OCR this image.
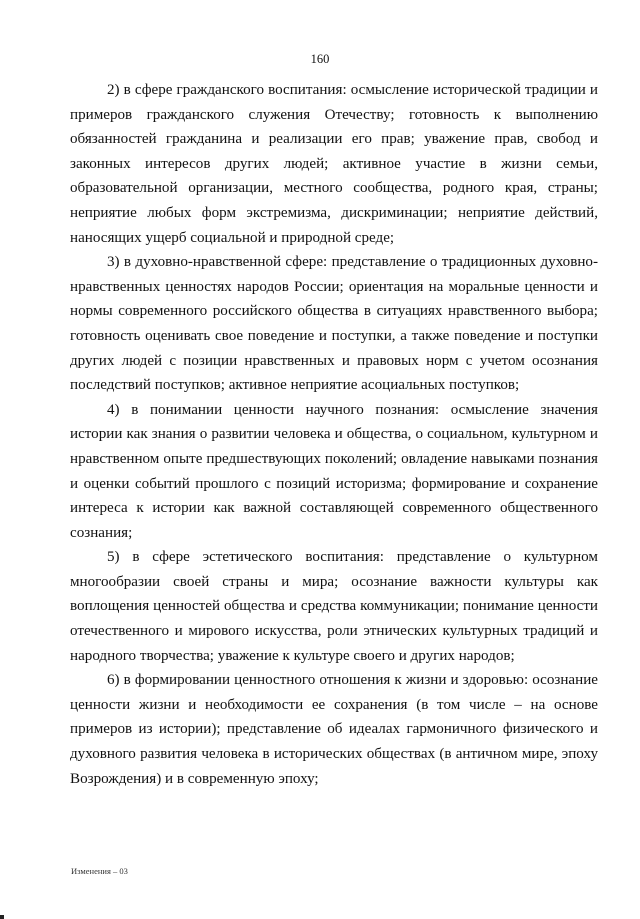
160

2) в сфере гражданского воспитания: осмысление исторической традиции и примеров гражданского служения Отечеству; готовность к выполнению обязанностей гражданина и реализации его прав; уважение прав, свобод и законных интересов других людей; активное участие в жизни семьи, образовательной организации, местного сообщества, родного края, страны; неприятие любых форм экстремизма, дискриминации; неприятие действий, наносящих ущерб социальной и природной среде;

3) в духовно-нравственной сфере: представление о традиционных духовно-нравственных ценностях народов России; ориентация на моральные ценности и нормы современного российского общества в ситуациях нравственного выбора; готовность оценивать свое поведение и поступки, а также поведение и поступки других людей с позиции нравственных и правовых норм с учетом осознания последствий поступков; активное неприятие асоциальных поступков;

4) в понимании ценности научного познания: осмысление значения истории как знания о развитии человека и общества, о социальном, культурном и нравственном опыте предшествующих поколений; овладение навыками познания и оценки событий прошлого с позиций историзма; формирование и сохранение интереса к истории как важной составляющей современного общественного сознания;

5) в сфере эстетического воспитания: представление о культурном многообразии своей страны и мира; осознание важности культуры как воплощения ценностей общества и средства коммуникации; понимание ценности отечественного и мирового искусства, роли этнических культурных традиций и народного творчества; уважение к культуре своего и других народов;

6) в формировании ценностного отношения к жизни и здоровью: осознание ценности жизни и необходимости ее сохранения (в том числе – на основе примеров из истории); представление об идеалах гармоничного физического и духовного развития человека в исторических обществах (в античном мире, эпоху Возрождения) и в современную эпоху;

Изменения – 03
